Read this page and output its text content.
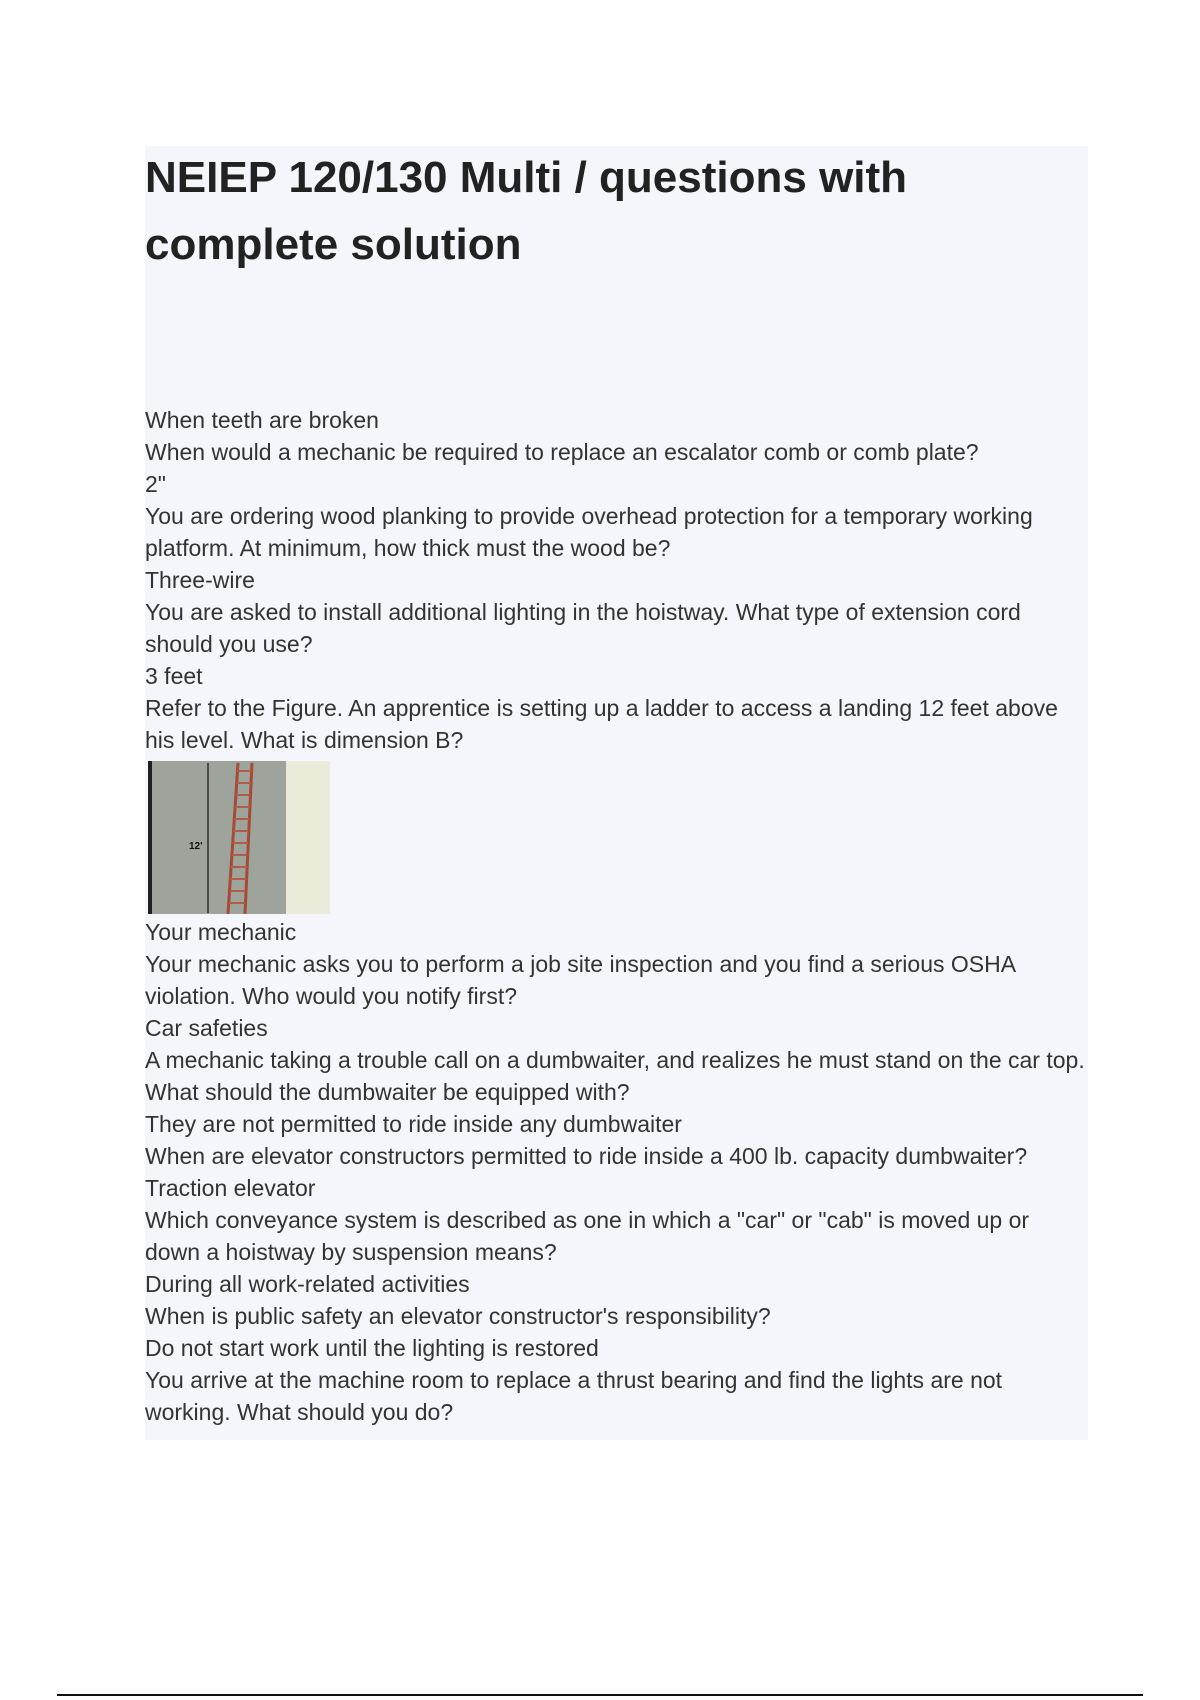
NEIEP 120/130 Multi / questions with complete solution

When teeth are broken

When would a mechanic be required to replace an escalator comb or comb plate?

2"

You are ordering wood planking to provide overhead protection for a temporary working platform. At minimum, how thick must the wood be?

Three-wire

You are asked to install additional lighting in the hoistway. What type of extension cord should you use?

3 feet

Refer to the Figure. An apprentice is setting up a ladder to access a landing 12 feet above his level. What is dimension B?

12'

Your mechanic

Your mechanic asks you to perform a job site inspection and you find a serious OSHA violation. Who would you notify first?

Car safeties

A mechanic taking a trouble call on a dumbwaiter, and realizes he must stand on the car top. What should the dumbwaiter be equipped with?

They are not permitted to ride inside any dumbwaiter

When are elevator constructors permitted to ride inside a 400 lb. capacity dumbwaiter?

Traction elevator

Which conveyance system is described as one in which a "car" or "cab" is moved up or down a hoistway by suspension means?

During all work-related activities

When is public safety an elevator constructor's responsibility?

Do not start work until the lighting is restored

You arrive at the machine room to replace a thrust bearing and find the lights are not working. What should you do?
